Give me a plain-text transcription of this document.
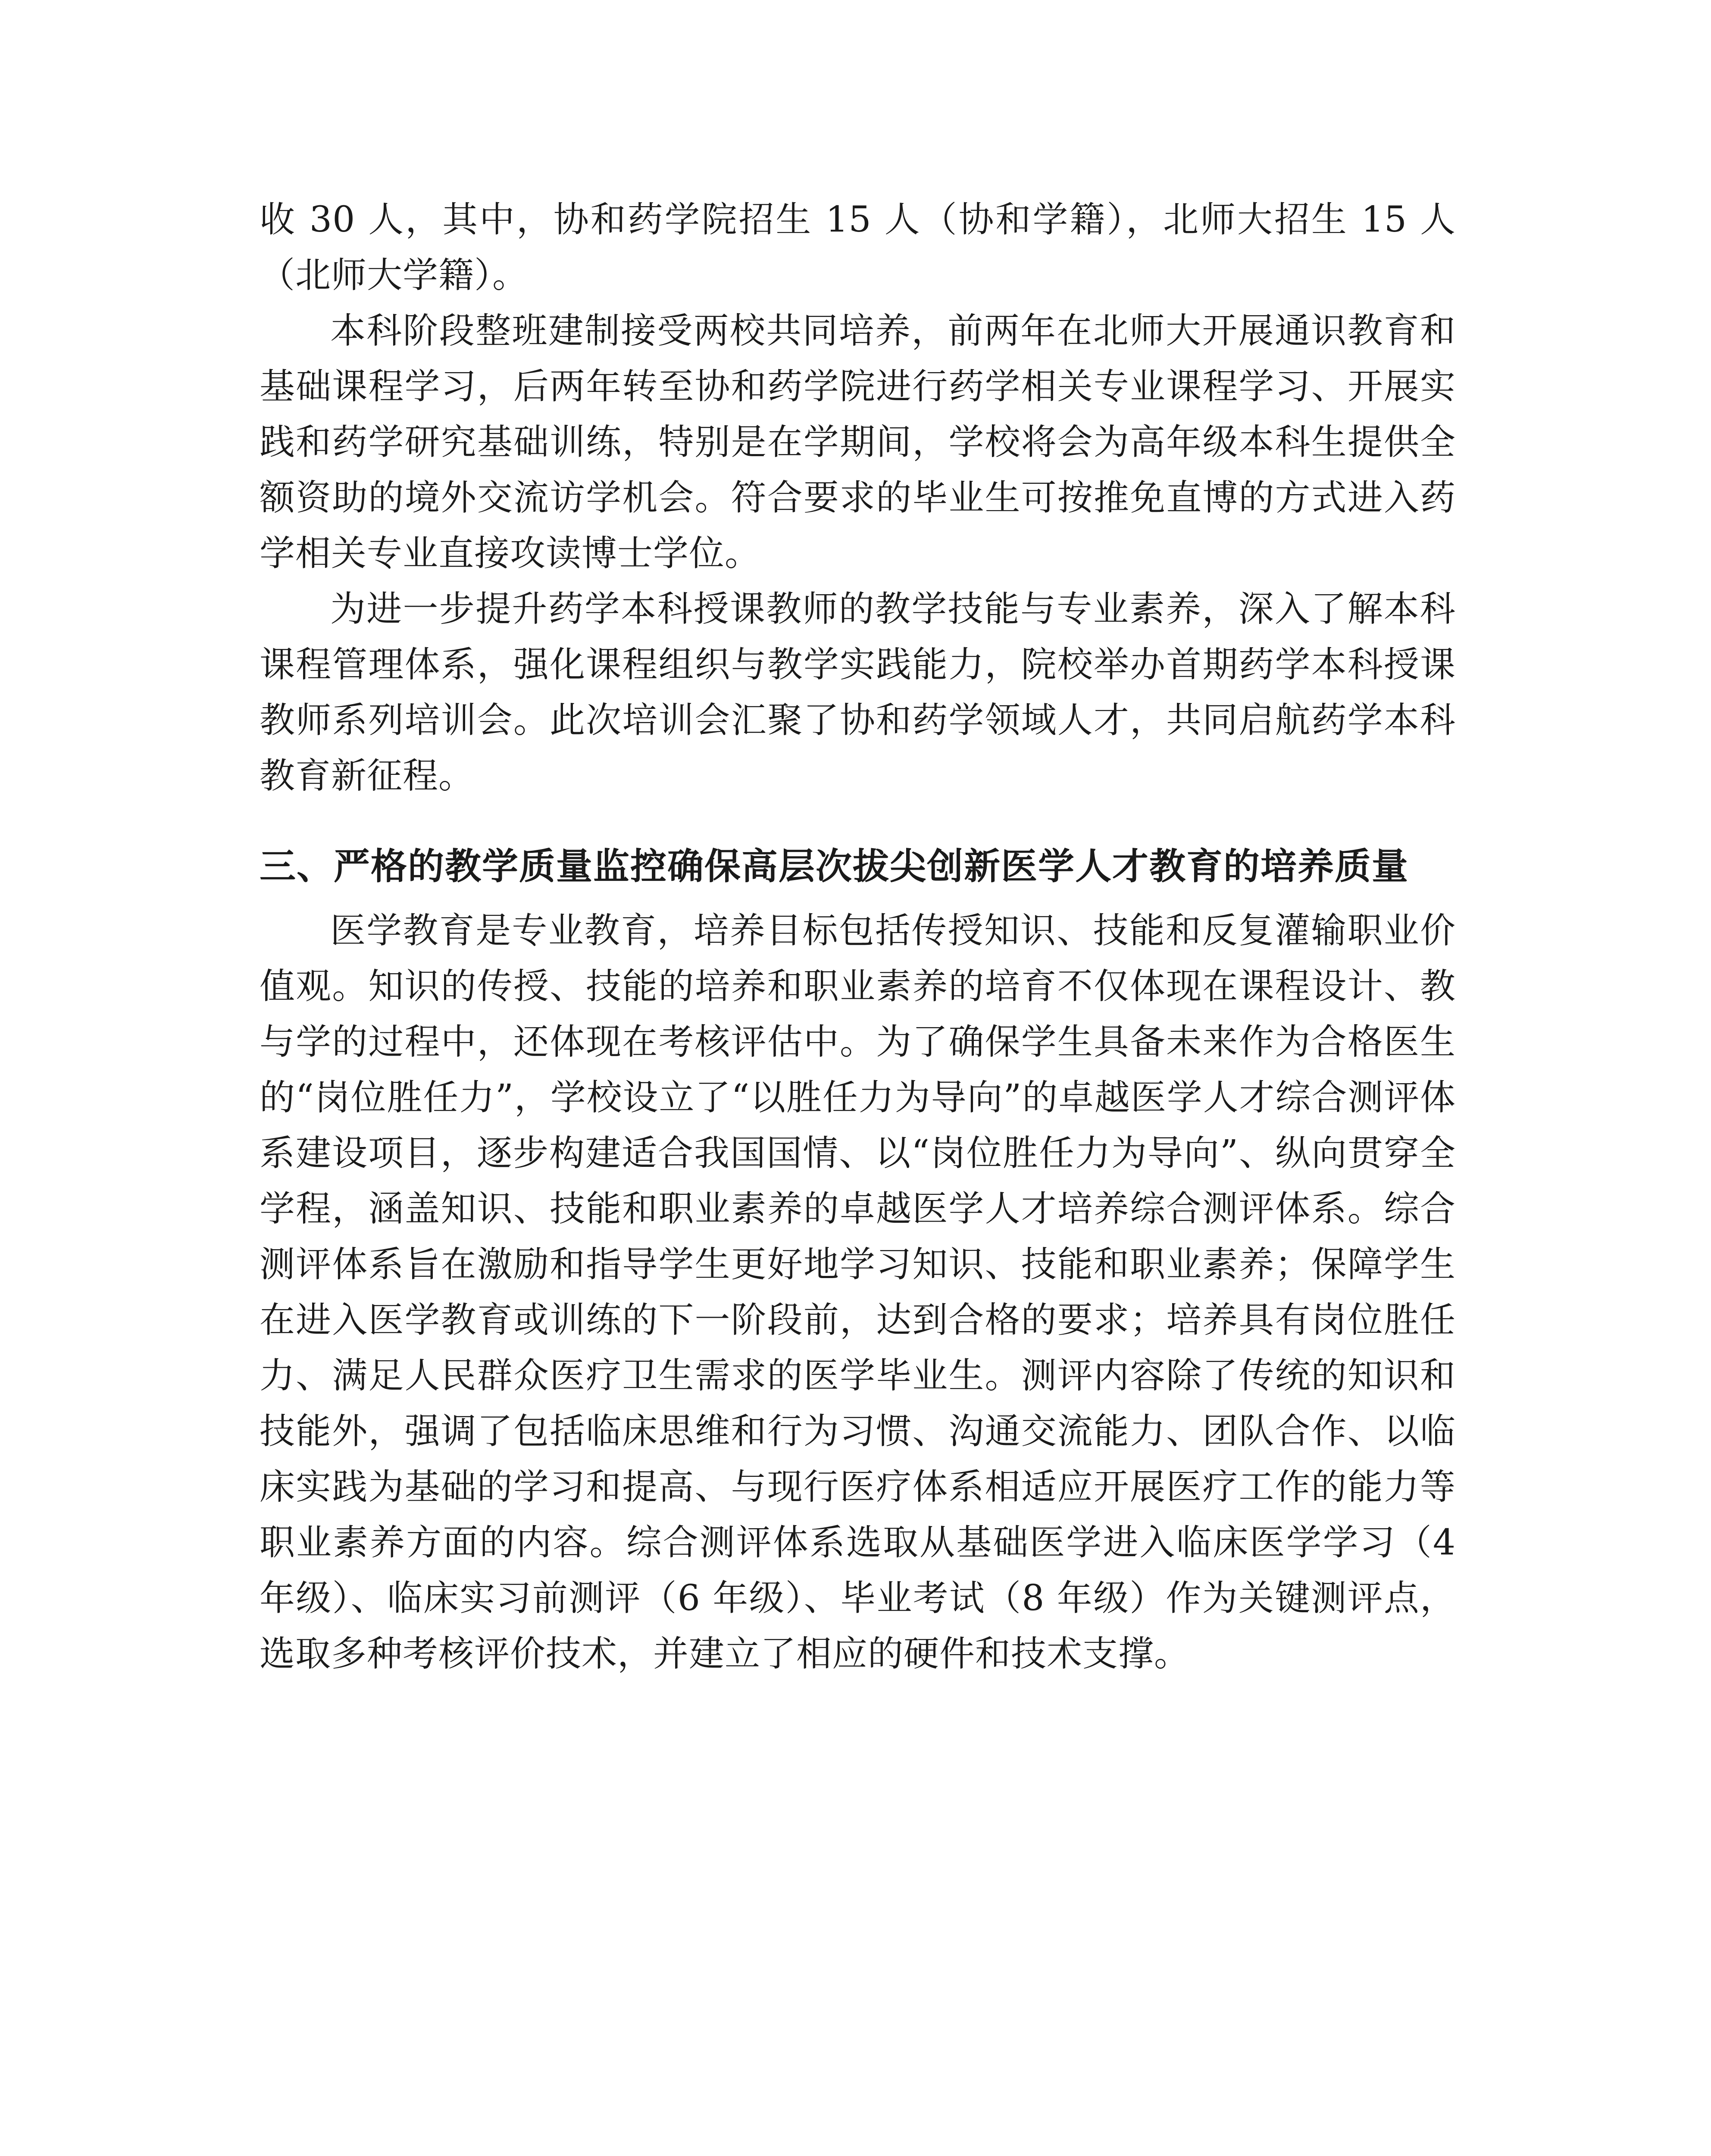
收 30 人，其中，协和药学院招生 15 人（协和学籍），北师大招生 15 人（北师大学籍）。

本科阶段整班建制接受两校共同培养，前两年在北师大开展通识教育和基础课程学习，后两年转至协和药学院进行药学相关专业课程学习、开展实践和药学研究基础训练，特别是在学期间，学校将会为高年级本科生提供全额资助的境外交流访学机会。符合要求的毕业生可按推免直博的方式进入药学相关专业直接攻读博士学位。

为进一步提升药学本科授课教师的教学技能与专业素养，深入了解本科课程管理体系，强化课程组织与教学实践能力，院校举办首期药学本科授课教师系列培训会。此次培训会汇聚了协和药学领域人才，共同启航药学本科教育新征程。

三、严格的教学质量监控确保高层次拔尖创新医学人才教育的培养质量

医学教育是专业教育，培养目标包括传授知识、技能和反复灌输职业价值观。知识的传授、技能的培养和职业素养的培育不仅体现在课程设计、教与学的过程中，还体现在考核评估中。为了确保学生具备未来作为合格医生的“岗位胜任力”，学校设立了“以胜任力为导向”的卓越医学人才综合测评体系建设项目，逐步构建适合我国国情、以“岗位胜任力为导向”、纵向贯穿全学程，涵盖知识、技能和职业素养的卓越医学人才培养综合测评体系。综合测评体系旨在激励和指导学生更好地学习知识、技能和职业素养；保障学生在进入医学教育或训练的下一阶段前，达到合格的要求；培养具有岗位胜任力、满足人民群众医疗卫生需求的医学毕业生。测评内容除了传统的知识和技能外，强调了包括临床思维和行为习惯、沟通交流能力、团队合作、以临床实践为基础的学习和提高、与现行医疗体系相适应开展医疗工作的能力等职业素养方面的内容。综合测评体系选取从基础医学进入临床医学学习（4 年级）、临床实习前测评（6 年级）、毕业考试（8 年级）作为关键测评点，选取多种考核评价技术，并建立了相应的硬件和技术支撑。
